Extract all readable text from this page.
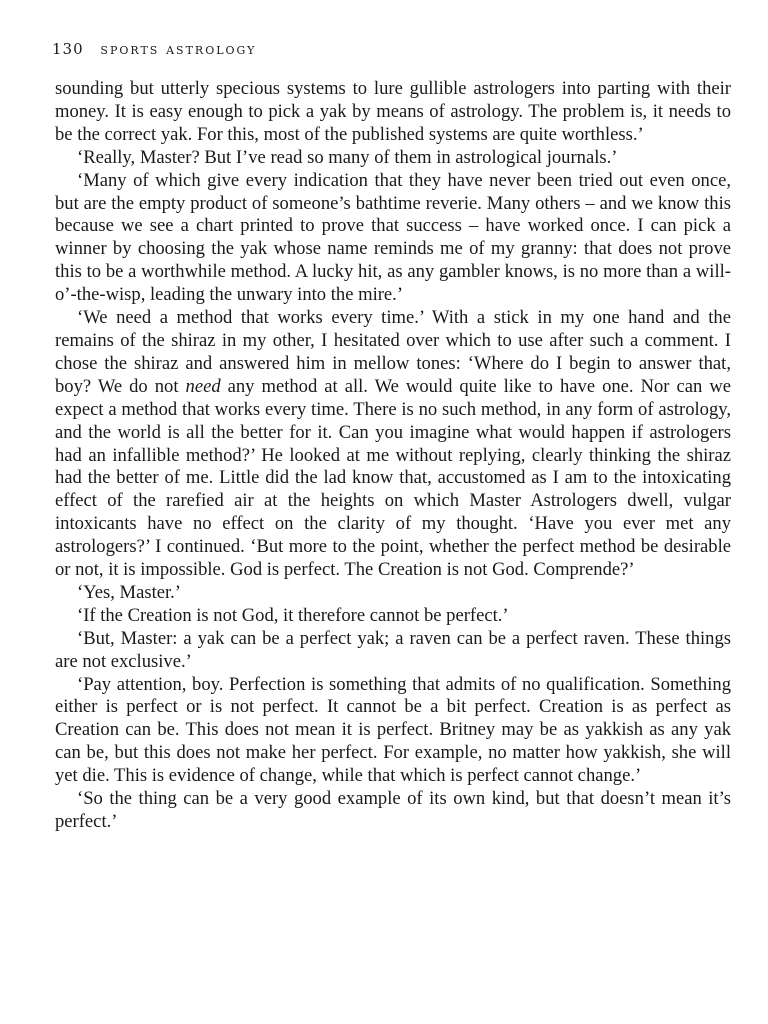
130 sports astrology

sounding but utterly specious systems to lure gullible astrologers into parting with their money. It is easy enough to pick a yak by means of astrology. The problem is, it needs to be the correct yak. For this, most of the published systems are quite worthless.’

‘Really, Master? But I’ve read so many of them in astrological journals.’

‘Many of which give every indication that they have never been tried out even once, but are the empty product of someone’s bathtime reverie. Many others – and we know this because we see a chart printed to prove that success – have worked once. I can pick a winner by choosing the yak whose name reminds me of my granny: that does not prove this to be a worthwhile method. A lucky hit, as any gambler knows, is no more than a will-o’-the-wisp, leading the unwary into the mire.’

‘We need a method that works every time.’ With a stick in my one hand and the remains of the shiraz in my other, I hesitated over which to use after such a comment. I chose the shiraz and answered him in mellow tones: ‘Where do I begin to answer that, boy? We do not need any method at all. We would quite like to have one. Nor can we expect a method that works every time. There is no such method, in any form of astrology, and the world is all the better for it. Can you imagine what would happen if astrologers had an infallible method?’ He looked at me without replying, clearly thinking the shiraz had the better of me. Little did the lad know that, accustomed as I am to the intoxicating effect of the rarefied air at the heights on which Master Astrologers dwell, vulgar intoxicants have no effect on the clarity of my thought. ‘Have you ever met any astrologers?’ I continued. ‘But more to the point, whether the perfect method be desirable or not, it is impossible. God is perfect. The Creation is not God. Comprende?’

‘Yes, Master.’

‘If the Creation is not God, it therefore cannot be perfect.’

‘But, Master: a yak can be a perfect yak; a raven can be a perfect raven. These things are not exclusive.’

‘Pay attention, boy. Perfection is something that admits of no qualification. Something either is perfect or is not perfect. It cannot be a bit perfect. Creation is as perfect as Creation can be. This does not mean it is perfect. Britney may be as yakkish as any yak can be, but this does not make her perfect. For example, no matter how yakkish, she will yet die. This is evidence of change, while that which is perfect cannot change.’

‘So the thing can be a very good example of its own kind, but that doesn’t mean it’s perfect.’
